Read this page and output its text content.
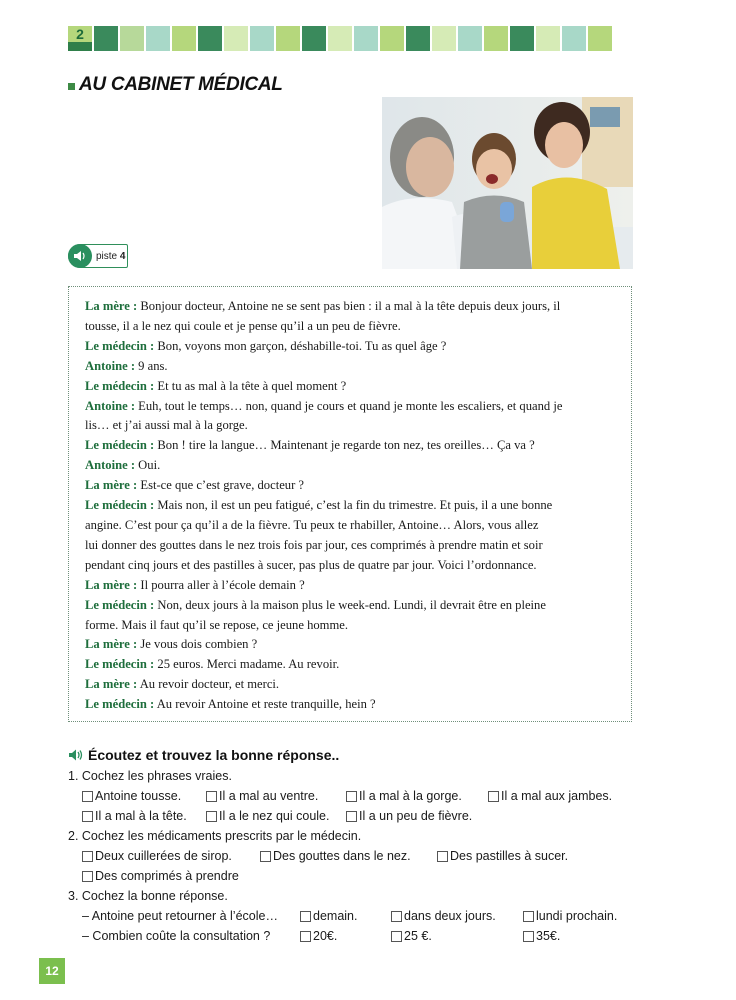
2
AU CABINET MÉDICAL
piste 4
La mère : Bonjour docteur, Antoine ne se sent pas bien : il a mal à la tête depuis deux jours, il
tousse, il a le nez qui coule et je pense qu’il a un peu de fièvre.
Le médecin : Bon, voyons mon garçon, déshabille-toi. Tu as quel âge ?
Antoine : 9 ans.
Le médecin : Et tu as mal à la tête à quel moment ?
Antoine : Euh, tout le temps… non, quand je cours et quand je monte les escaliers, et quand je
lis… et j’ai aussi mal à la gorge.
Le médecin : Bon ! tire la langue… Maintenant je regarde ton nez, tes oreilles… Ça va ?
Antoine : Oui.
La mère : Est-ce que c’est grave, docteur ?
Le médecin : Mais non, il est un peu fatigué, c’est la fin du trimestre. Et puis, il a une bonne
angine. C’est pour ça qu’il a de la fièvre. Tu peux te rhabiller, Antoine… Alors, vous allez
lui donner des gouttes dans le nez trois fois par jour, ces comprimés à prendre matin et soir
pendant cinq jours et des pastilles à sucer, pas plus de quatre par jour. Voici l’ordonnance.
La mère : Il pourra aller à l’école demain ?
Le médecin : Non, deux jours à la maison plus le week-end. Lundi, il devrait être en pleine
forme. Mais il faut qu’il se repose, ce jeune homme.
La mère : Je vous dois combien ?
Le médecin : 25 euros. Merci madame. Au revoir.
La mère : Au revoir docteur, et merci.
Le médecin : Au revoir Antoine et reste tranquille, hein ?
Écoutez et trouvez la bonne réponse..
1. Cochez les phrases vraies.
Antoine tousse.	Il a mal au ventre.	Il a mal à la gorge.	Il a mal aux jambes.
Il a mal à la tête.	Il a le nez qui coule. Il a un peu de fièvre.
2. Cochez les médicaments prescrits par le médecin.
Deux cuillerées de sirop.	Des gouttes dans le nez.	Des pastilles à sucer.
Des comprimés à prendre
3. Cochez la bonne réponse.
– Antoine peut retourner à l’école…	demain.	dans deux jours.	lundi prochain.
– Combien coûte la consultation ?	20€.	25 €.	35€.
12
